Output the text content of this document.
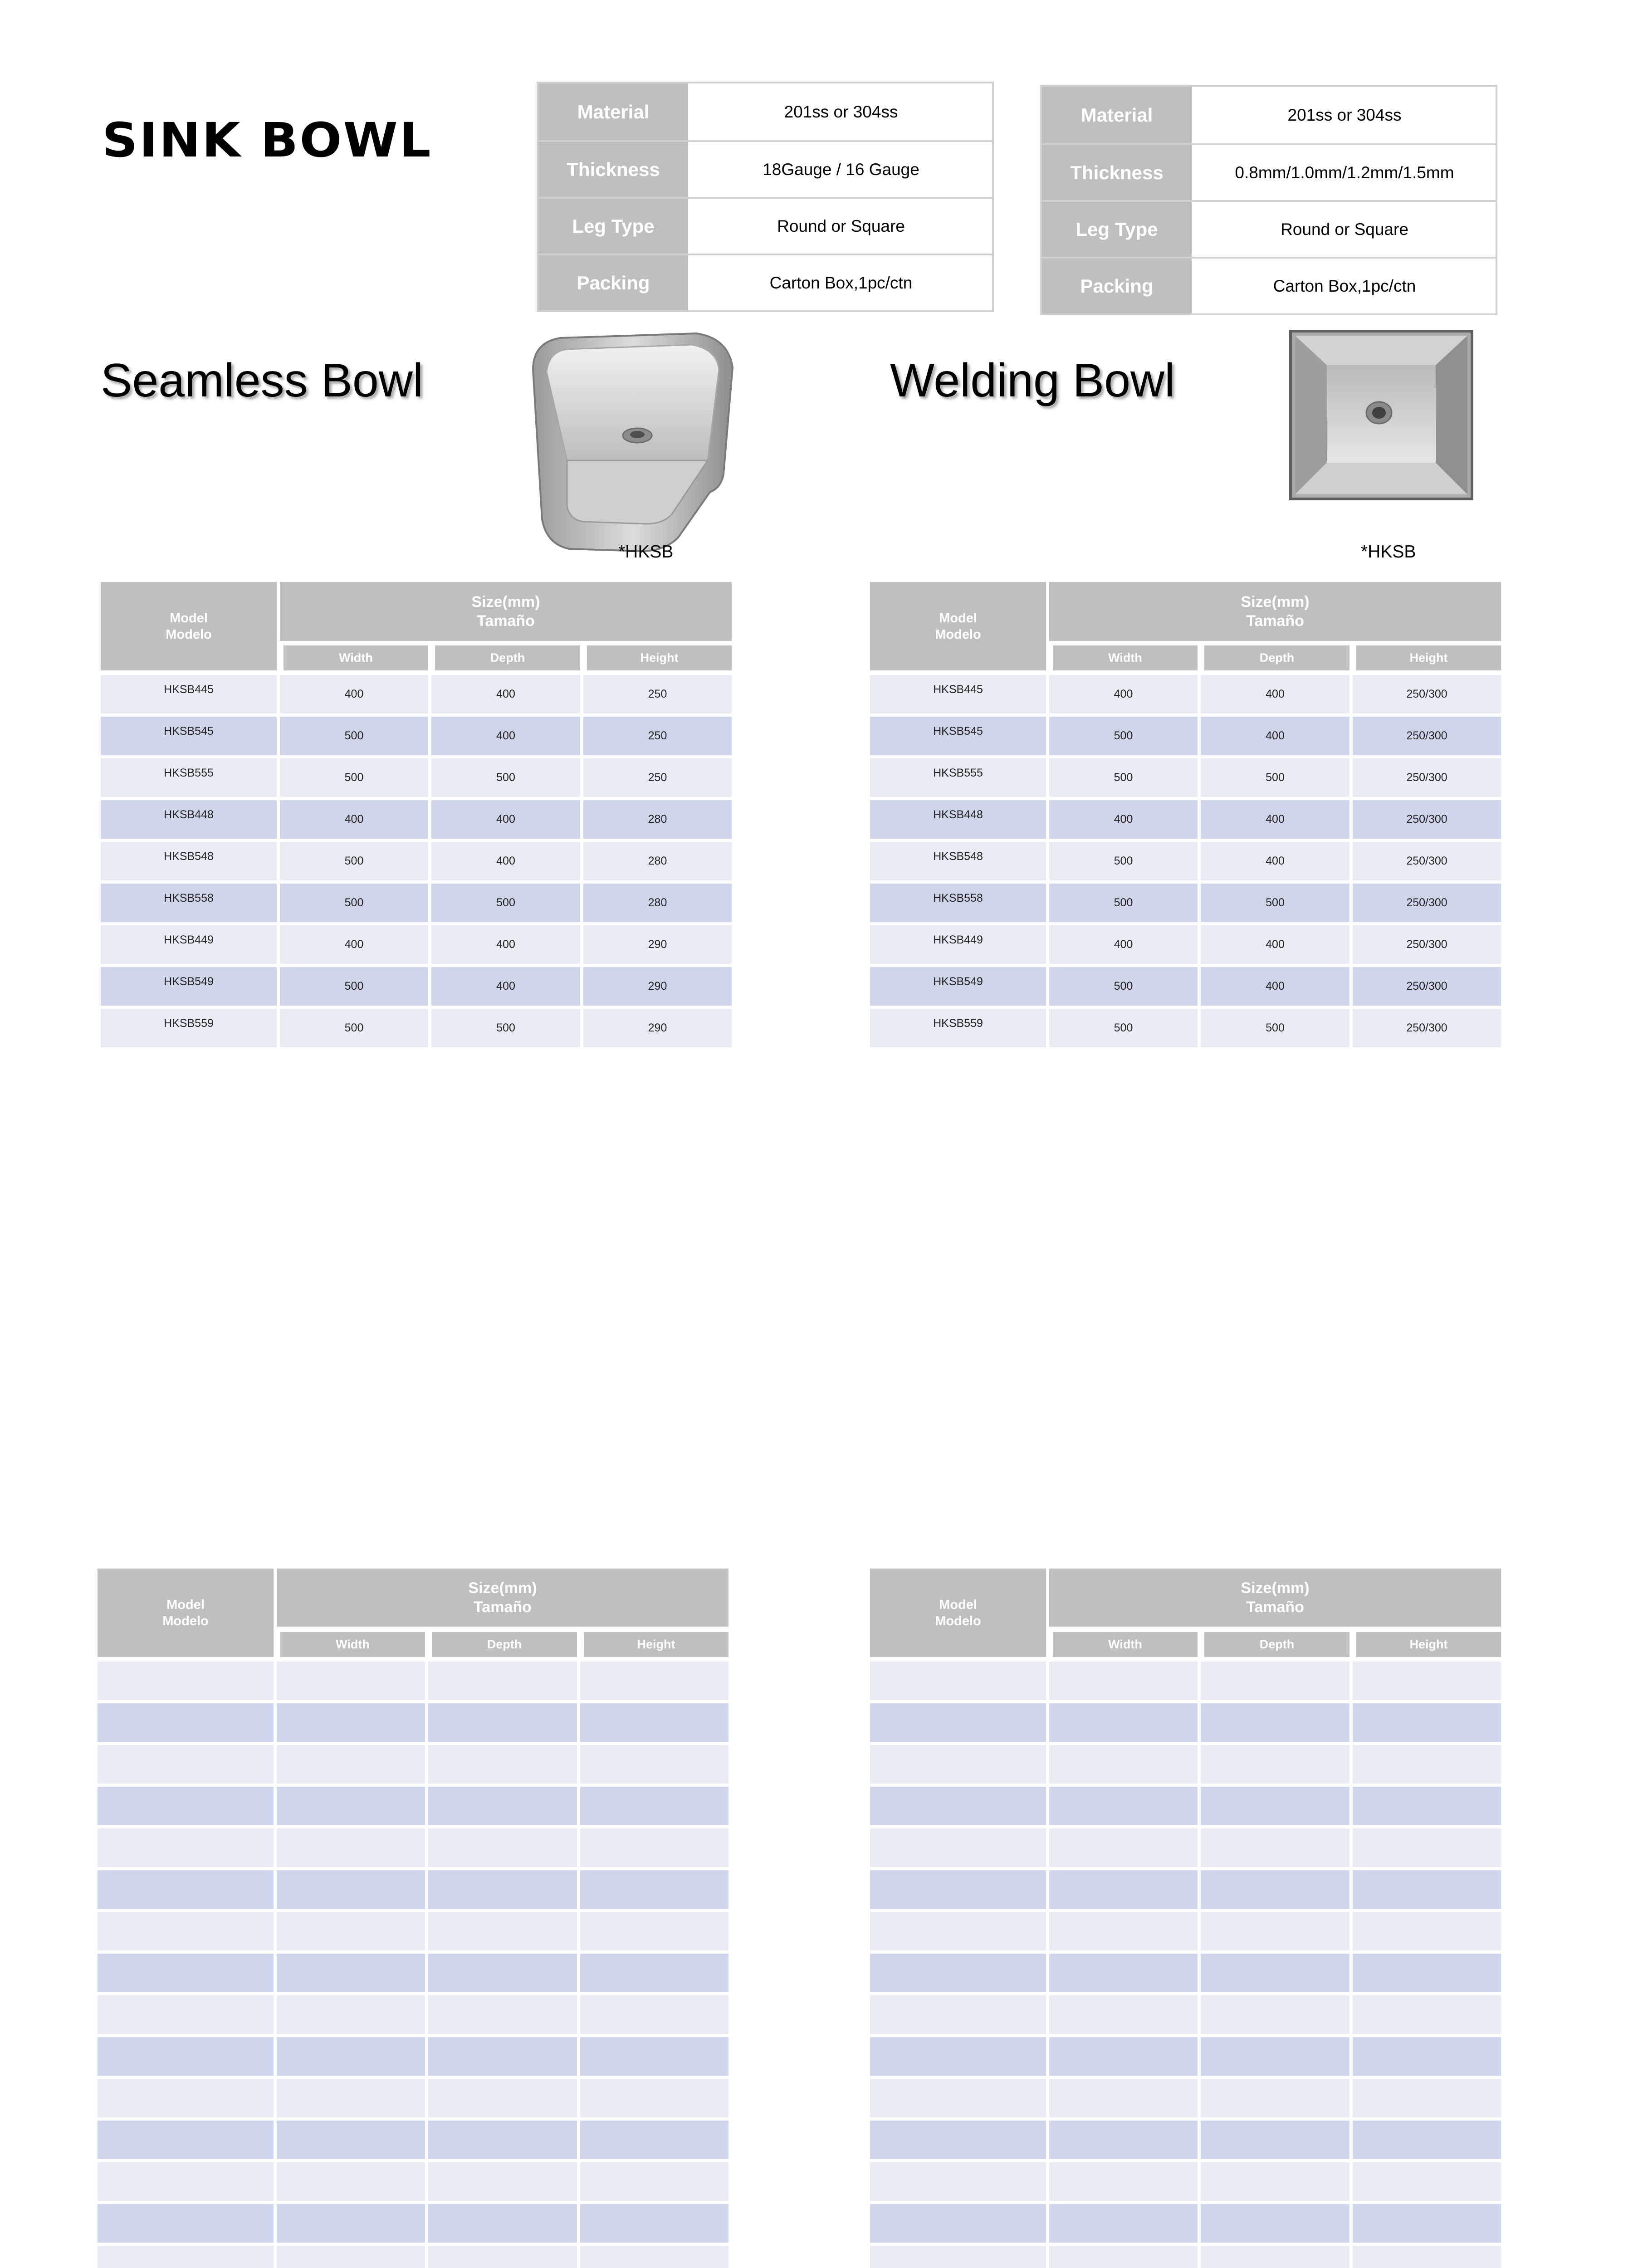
SINK BOWL
Material	201ss or 304ss
Thickness	18Gauge / 16 Gauge
Leg Type	Round or Square
Packing	Carton Box,1pc/ctn
Material	201ss or 304ss
Thickness	0.8mm/1.0mm/1.2mm/1.5mm
Leg Type	Round or Square
Packing	Carton Box,1pc/ctn
Seamless Bowl	Welding Bowl
*HKSB	*HKSB
Model
Modelo
Size(mm)
Tamaño
Width	Depth	Height
HKSB445	400	400	250
HKSB545	500	400	250
HKSB555	500	500	250
HKSB448	400	400	280
HKSB548	500	400	280
HKSB558	500	500	280
HKSB449	400	400	290
HKSB549	500	400	290
HKSB559	500	500	290
Model
Modelo
Size(mm)
Tamaño
Width	Depth	Height
HKSB445	400	400	250/300
HKSB545	500	400	250/300
HKSB555	500	500	250/300
HKSB448	400	400	250/300
HKSB548	500	400	250/300
HKSB558	500	500	250/300
HKSB449	400	400	250/300
HKSB549	500	400	250/300
HKSB559	500	500	250/300
Model
Modelo
Size(mm)
Tamaño
Width	Depth	Height
Model
Modelo
Size(mm)
Tamaño
Width	Depth	Height
